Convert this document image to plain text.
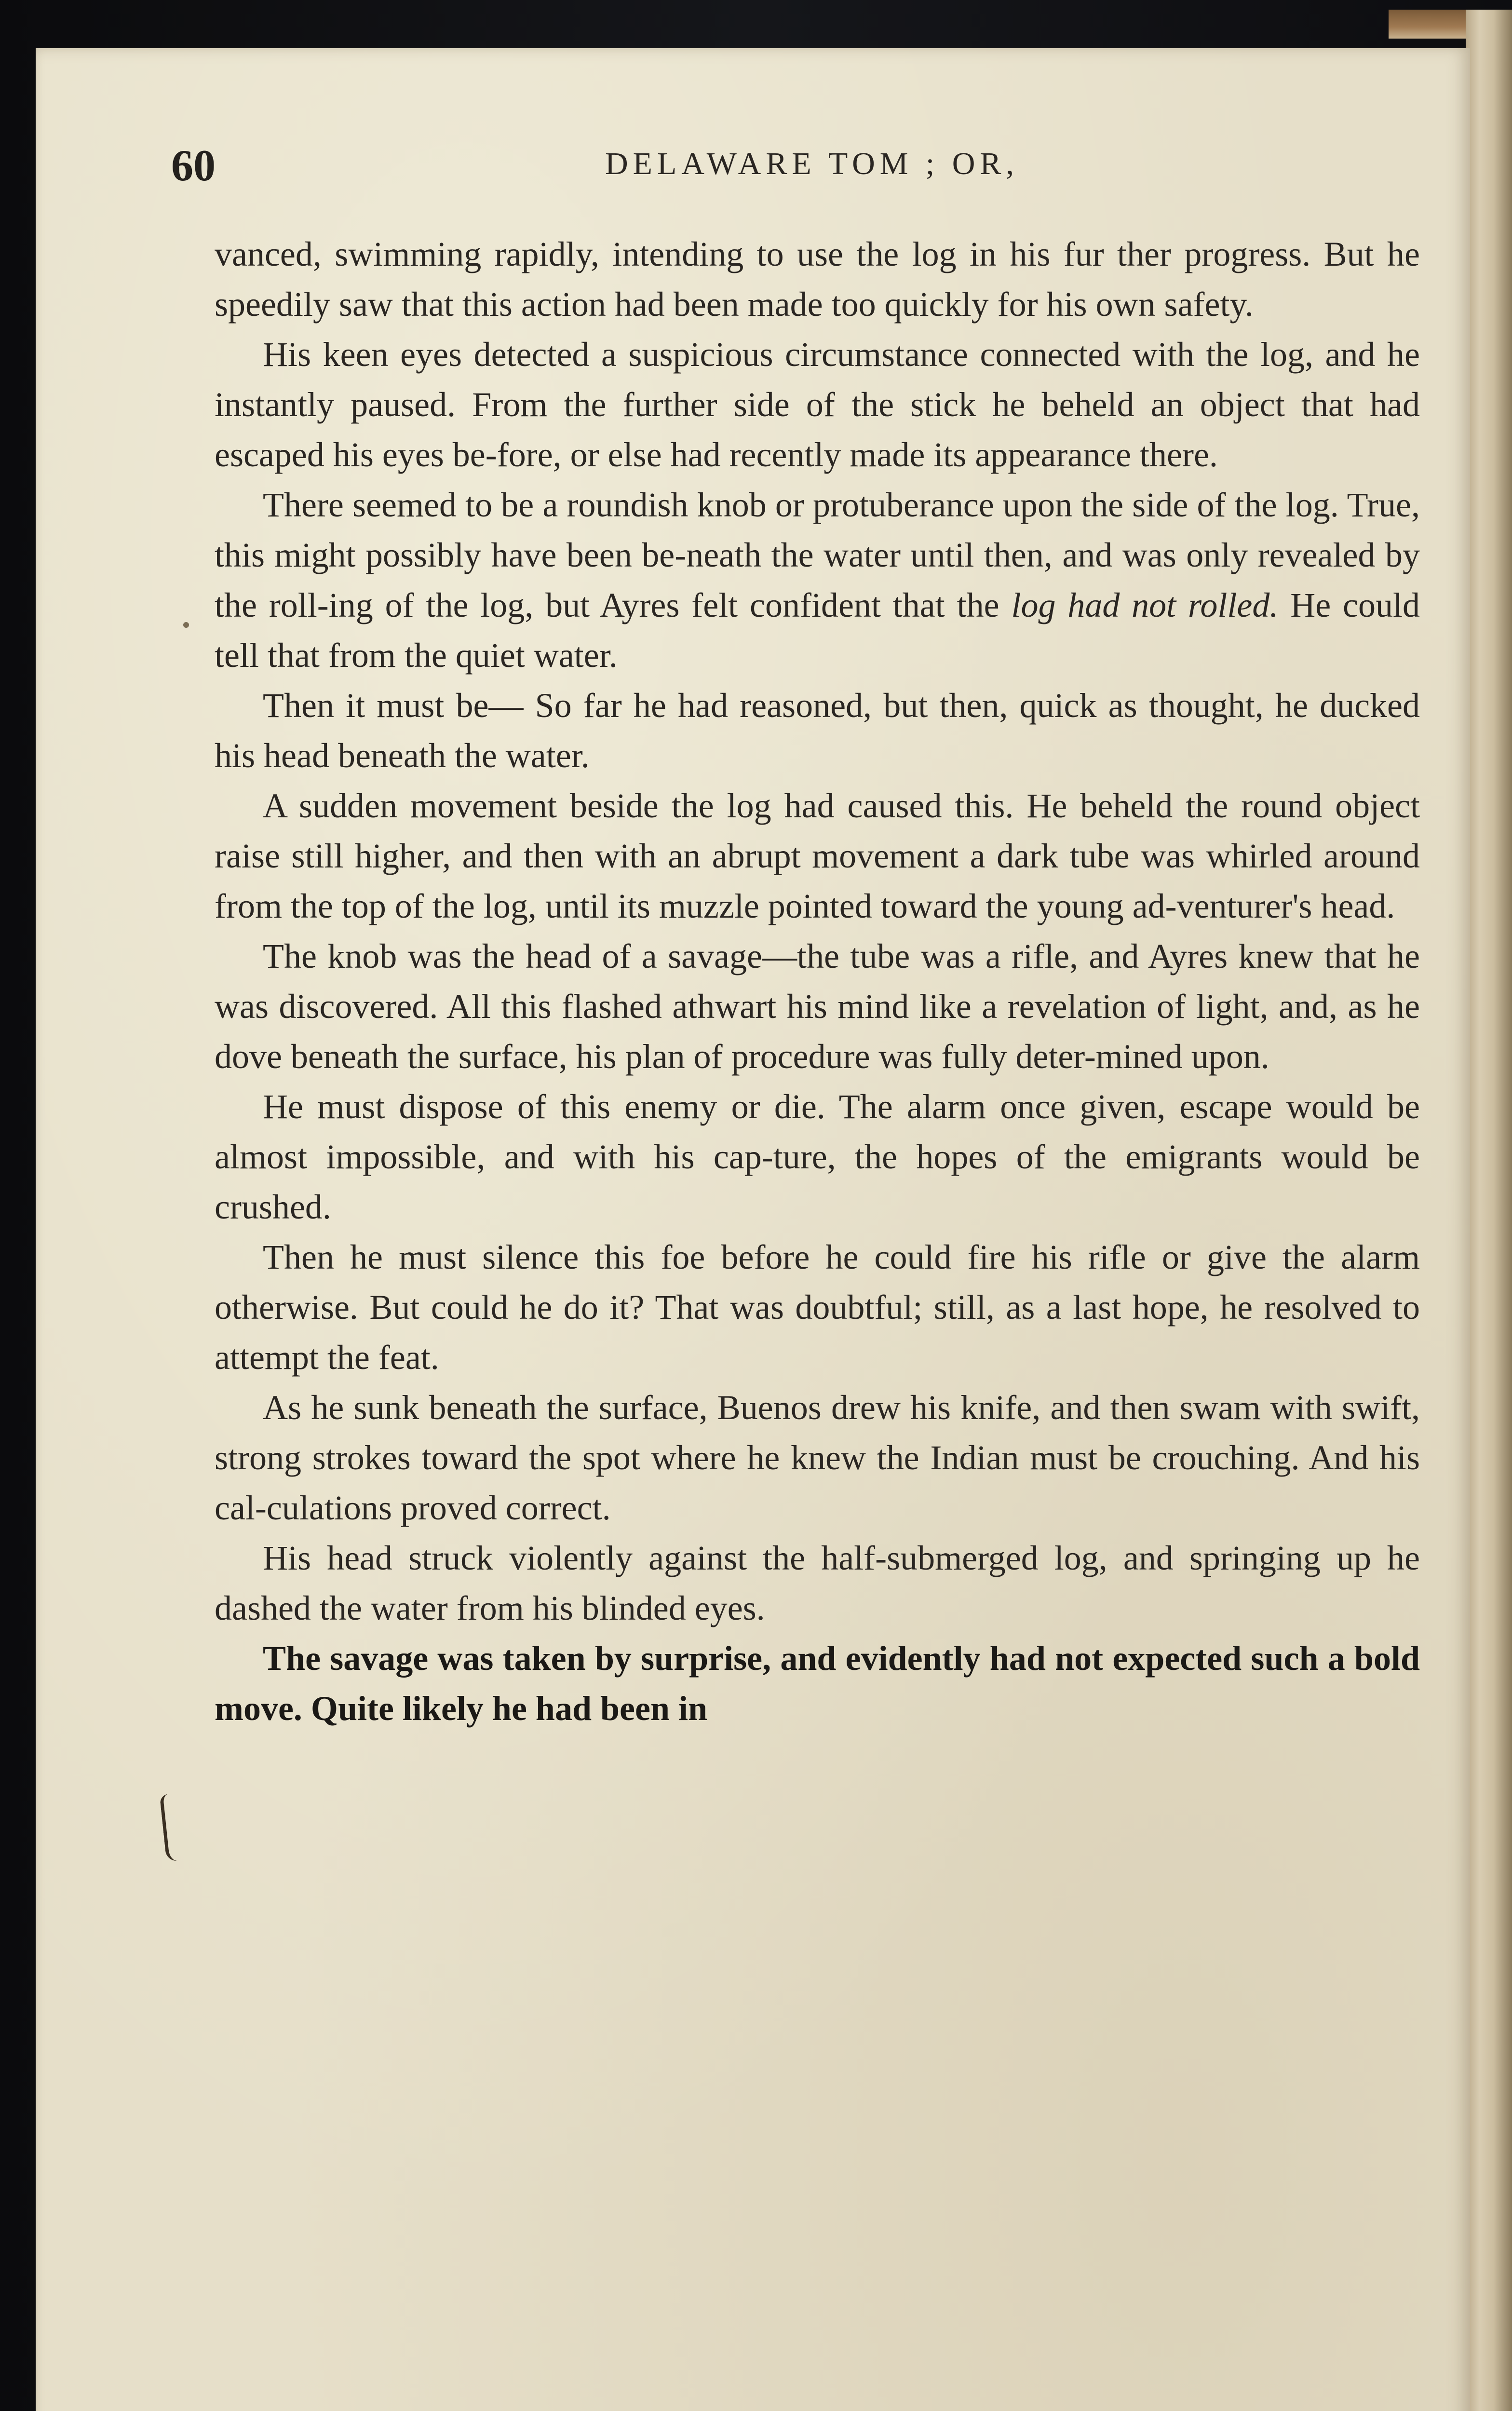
60	DELAWARE TOM ; OR,

vanced, swimming rapidly, intending to use the log in his fur ther progress. But he speedily saw that this action had been made too quickly for his own safety.

His keen eyes detected a suspicious circumstance connected with the log, and he instantly paused. From the further side of the stick he beheld an object that had escaped his eyes be-fore, or else had recently made its appearance there.

There seemed to be a roundish knob or protuberance upon the side of the log. True, this might possibly have been be-neath the water until then, and was only revealed by the roll-ing of the log, but Ayres felt confident that the log had not rolled. He could tell that from the quiet water.

Then it must be— So far he had reasoned, but then, quick as thought, he ducked his head beneath the water.

A sudden movement beside the log had caused this. He beheld the round object raise still higher, and then with an abrupt movement a dark tube was whirled around from the top of the log, until its muzzle pointed toward the young ad-venturer's head.

The knob was the head of a savage—the tube was a rifle, and Ayres knew that he was discovered. All this flashed athwart his mind like a revelation of light, and, as he dove beneath the surface, his plan of procedure was fully deter-mined upon.

He must dispose of this enemy or die. The alarm once given, escape would be almost impossible, and with his cap-ture, the hopes of the emigrants would be crushed.

Then he must silence this foe before he could fire his rifle or give the alarm otherwise. But could he do it? That was doubtful; still, as a last hope, he resolved to attempt the feat.

As he sunk beneath the surface, Buenos drew his knife, and then swam with swift, strong strokes toward the spot where he knew the Indian must be crouching. And his cal-culations proved correct.

His head struck violently against the half-submerged log, and springing up he dashed the water from his blinded eyes.

The savage was taken by surprise, and evidently had not expected such a bold move. Quite likely he had been in
